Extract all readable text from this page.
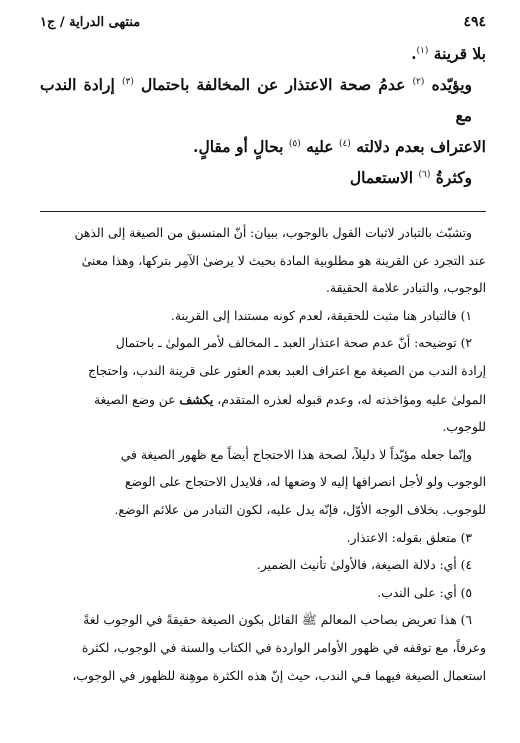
٤٩٤
منتهى الدراية / ج١

بلا قرينة $^{(١)}$.

ويؤيّده $^{(٢)}$ عدمُ صحة الاعتذار عن المخالفة باحتمال $^{(٣)}$ إرادة الندب مع

الاعتراف بعدم دلالته $^{(٤)}$ عليه $^{(٥)}$ بحالٍ أو مقالٍ.

وكثرةُ $^{(٦)}$ الاستعمال

وتشبّث بالتبادر لاثبات القول بالوجوب، ببيان: أنّ المنسبق من الصيغة إلى الذهن

عند التجرد عن القرينة هو مطلوبية المادة بحيث لا يرضىٰ الآمِر بتركها، وهذا معنىٰ

الوجوب، والتبادر علامة الحقيقة.

١) فالتبادر هنا مثبت للحقيقة، لعدم كونه مستندا إلى القرينة.

٢) توضيحه: أنّ عدم صحة اعتذار العبد ـ المخالف لأمر المولىٰ ـ باحتمال

إرادة الندب من الصيغة مع اعتراف العبد بعدم العثور على قرينة الندب، واحتجاج

المولىٰ عليه ومؤاخذته له، وعدم قبوله لعذره المتقدم، يكشف عن وضع الصيغة

للوجوب.

وإنّما جعله مؤيّداً لا دليلاً، لصحة هذا الاحتجاج أيضاً مع ظهور الصيغة في

الوجوب ولو لأجل انصرافها إليه لا وضعها له، فلايدل الاحتجاج على الوضع

للوجوب. بخلاف الوجه الأوّل، فإنّه يدل عليه، لكون التبادر من علائم الوضع.

٣) متعلق بقوله: الاعتذار.

٤) أي: دلالة الصيغة، فالأولىٰ تأنيث الضمير.

٥) أي: على الندب.

٦) هذا تعريض بصاحب المعالم ﷺ القائل بكون الصيغة حقيقةً في الوجوب لغةً

وعرفاً، مع توقفه في ظهور الأوامر الواردة في الكتاب والسنة في الوجوب، لكثرة

استعمال الصيغة فيهما فـي الندب، حيث إنّ هذه الكثرة موهِنة للظهور في الوجوب،
